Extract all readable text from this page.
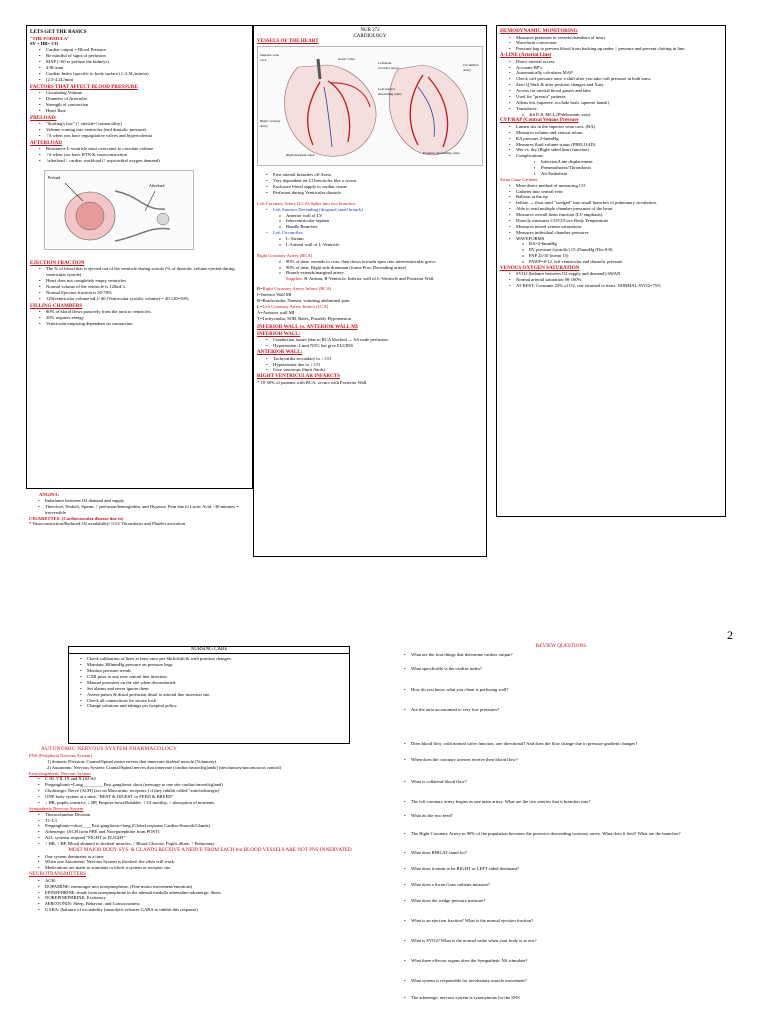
LETS GET THE BASICS
"THE FORMULA"
SV × HR= CO
• Cardiac output = Blood Pressure
• Be mindful of signs of perfusion
• MAP (>60 to perfuse the kidneys)
• 4-8L/min
• Cardiac Index (specific to body surface) (>2.5L/min/m)
• (2.5-4.2L/min)
FACTORS THAT AFFECT BLOOD PRESSURE
• Circulating Volume
• Diameter of Arterioles
• Strength of contraction
• Heart Rate
PRELOAD:
• "Starling's law" (↑ stretch=↑contractility)
• Volume coming into ventricles (end diastolic pressure)
• ↑'d when you have regurgitative valves and hypervolemia
AFTERLOAD
• Resistance L-ventricle must overcome to circulate volume
• ↑'d when you have HTN & vasoconstriction
• ↑afterload ↑ cardiac workload (↑ myocardial oxygen demand)
Preload
Afterload
EJECTION FRACTION
• The % of blood that is ejected out of the ventricle during systole (% of diastolic volume ejected during ventricular systole)
• Heart does not completely empty ventricles
• Normal volume of the ventricle is 120mL's
• Normal Ejection fraction is 50-70%
• 120(ventricular volume mL)÷40 (Ventricular systolic volume) = 40.120=50%
FILLING CHAMBERS
• 80% of blood flows passively from the atria to ventricles.
• 20% requires energy
• Ventricular emptying dependent on contraction
ANGINA:
• Imbalance between O2 demand and supply.
• Therefore, Emboli, Spasm, ↑ perfusion/hemoglobin, and Hypoxia. Pain due to Lactic Acid >30 minutes = irreversible
CIGARETTES: (Cardiovascular disease due to)
* Vasoconstriction/Reduced O2 availability/↑CO/ Thrombosis and Platelet activation
NUR 272
CARDIOLOGY
VESSELS OF THE HEART
Superior vena cava	Aortic valve
Right coronary artery
Left main coronary artery
Circumflex artery
Left anterior descending artery
Right marginal artery	Posterior descending artery
• First arterial branches off Aorta
• Vary dependent on CO/encircles like a crown
• Exclusive blood supply to cardiac tissue
• Perfusion during Ventricular diastole.
Left Coronary Artery (LCA)-Splits into two branches
• Left Anterior Decending (diagonal small branch)
o Anterior wall of LV
o Interventricular septum
o Bundle Branches
• Left Circumflex
o L-Atrium
o L-Lateral wall of L-Ventricle
Right Coronary Artery (RCA)
o 90% of time, extends to crux, then down towards apex into interventricular grove
o 90% of time, Right side dominant (forms Post. Decending artery)
o Branch extends/marginal artery
Supplies: R-Atrium, R-Ventricle, Inferior wall of L-Ventricle and Posterior Wall.
R=Right Coronary Artery Infarct (RCA)
I=Inferior Wall MI
B=Bradycardia, Nausea, vomiting abdominal pain
L=Left Coronary Artery Infarct (LCA)
A=Anterior wall MI
T=Tachycardia, SOB, Rales, Possibly Hypotension
INFERIOR WALL vs. ANTERIOR WALL MI
INFERIOR WALL:
• Conduction issues (due to RCA blocked → SA node perfusion.
• Hypotension: Limit NTG but give FLUIDS
ANTERIOR WALL:
• Tachycardia secondary to ↓ CO
• Hypotension due to ↓ CO
• Give vasotrops (limit fluids)
RIGHT VENTRICULAR INFARCTS
* 10-50% of patients with RCA, occurs with Posterior Wall.
HEMODYNAMIC MONITORING
• Measures pressures in vessels/chambers of heart
• Waveform conversion.
• Pressure bag to prevent blood from backing up under ↑ pressure and prevent clotting in line.
A-LINE (Arterial Line)
• Direct arterial access
• Accurate BP's
• Automatically calculates MAP
• Check cuff pressure once a shift after you take cuff pressure in both arms
• Zero Q Shift & after position changes and Xray
• Access for arterial blood gasses and labs
• Used for "pressor" patients
• Allens test (squeeze, occlude both, squeeze hands)
• Transducer:
o 4th ICS, MCL (Phlebostatic axis)
CVP/RAP (Central Venous Pressure
• Lumen sits in the superior vena cava. (RA)
• Measures volume and venous return
• RA pressure 2-6mmHg
• Measures fluid volume status (PRELOAD)
• Wet vs. dry (Right sided heart function)
• Complications
▪ Infection/Line displacement
▪ Pneumothorax/Thrombosis
▪ Air Embolism
Swan Ganz Catheter
• More direct method of measuring CO
• Catheter into central vein
• Balloon at the tip
• Inflate → float until "wedged" into small branches of pulmonary circulation.
• Able to read multiple chamber pressures of the heart.
• Measures overall heart function (LV emphasis)
• Directly measures CO/CI/Core Body Temperature
• Measures mixed venous saturations
• Measures individual chamber pressures
• WAVEFORMS
o RA=2-6mmHg
o RV pressure (systolic) 15-25mmHg (Dia 0-8)
o PAP 25/10 (mean 15)
o PAWP=8-12, left ventricular end diastolic pressure
VENOUS OXYGEN SATURATION
• SVO2 (balance between O2 supply and demand)-SWAN
• Normal arterial saturation 98-100%
• AT REST: Consume 25% of O2, rest returned to heart. NORMAL SVO2=75%
NURSING CARE
• Check calibration of lines at least once per Shift/shift & with position changes.
• Maintain 300mmHg pressure on pressure bags
• Monitor pressure trends
• CXR prior to any new central line insertion
• Manual pressures on the site when discontinued.
• Set alarms and never ignore them
• Assess pulses & distal perfusion distal to arterial line insertion site.
• Check all connections for secure lock
• Change solutions and tubings per hospital policy.
AUTONOMIC NERVOUS SYSTEM PHARMACOLOGY
PNS (Peripheral Nervous System)
1) Somatic Division: Cranial/Spinal motor nerves that innervate skeletal muscle (Voluntary)
2) Autonomic Nervous System: Cranial/Spinal nerves that innervate (cardiac/smooth/glands) (involuntary/unconscious control)
Parasympathetic Nervous System
• C III, VII, IX and X (S2-S4
• Preganglionic=Long_________Post ganglionic short (message to one site cardiac/smooth/gland)
• Cholinergic Nerve (ACH) (act on Muscarinic receptors ) if they inhibit called "anticholinergic)
• ONE body system at a time. "REST & DIGEST or FEED & BREED"
• ↓ HR, pupils constrict, ↓ BP, Empties bowel/bladder, ↑ GI motility, ↑ absorption of nutrients.
Sympathetic Nervous System
• Thoracolumbar Division
• T1-L3
• Preganglionic=short____Post ganglionic=long (Global response Cardiac/Smooth/Glands)
• Adrenergic (ACH from PRE and Norepinephrine from POST)
• ALL systems respond "FIGHT or FLIGHT"
• ↑ HR, ↑ BP, Blood shunted to skeletal muscles, ↑ Blood Glucose, Pupils dilate, ↑ Pulmonary
MOST MAJOR BODY SYS. & GLANDS RECEIVE A NERVE FROM EACH but BLOOD VESSELS ARE NOT PNS INNERVATED
• One system dominates at a time
• When one Autonomic Nervous System is blocked, the other will work.
• Medications are made to stimulate or block a system or receptor site
NEUROTRANSMITTERS
• ACH:
• DOPAMINE: messenger into norepinephrine, (Fine motor movement/emotions)
• EPINEPHRINE: made from norepinephrine in the adrenal medulla adrenaline-adrenergic fibers
• NOREPINEPHRINE: Excitatory
• SEROTONIN: Sleep, Behavior, and Consciousness
• GABA: (balance of excitability (anxiolytic releases GABA to inhibit this response)
REVIEW QUESTIONS

• What are the four things that determine cardiac output?

• What specifically is the cardiac index?

• How do you know what you client is perfusing well?

• Are the atria accustomed to very low pressures?

• Does blood flow, with normal valve function, one directional? And does the flow change due to pressure gradient changes?

• When does the coronary arteries receive their blood flow?

• What is collateral blood flow?

• The left coronary artery begins as one main artery. What are the two arteries that it branches into?

• What do the two feed?

• The Right Coronary Artery in 90% of the population becomes the posterior descending coronary artery. What does it feed? What are the branches?

• What does RIBLAT stand for?

• What does it mean to be RIGHT or LEFT sided dominant?

• What does a Swan Ganz catheter measure?

• What does the wedge pressure measure?

• What is an ejection fraction? What is the normal ejection fraction?

• What is SVO2? What is the normal value when your body is at rest?

• What three effector organs does the Sympathetic NS stimulate?

• What system is responsible for involuntary muscle movement?

• The adrenergic nervous system is synonymous for the SNS

2
